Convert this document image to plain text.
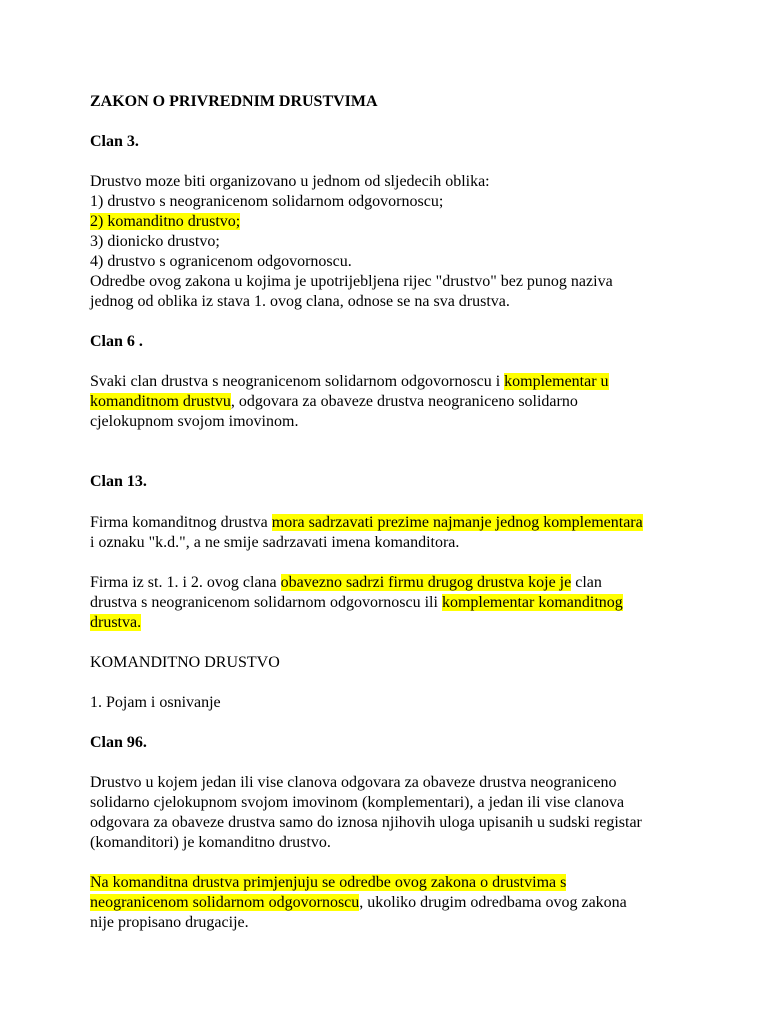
ZAKON O PRIVREDNIM DRUSTVIMA
Clan 3.
Drustvo moze biti organizovano u jednom od sljedecih oblika:
1) drustvo s neogranicenom solidarnom odgovornoscu;
2) komanditno drustvo;
3) dionicko drustvo;
4) drustvo s ogranicenom odgovornoscu.
Odredbe ovog zakona u kojima je upotrijebljena rijec "drustvo" bez punog naziva
jednog od oblika iz stava 1. ovog clana, odnose se na sva drustva.
Clan 6 .
Svaki clan drustva s neogranicenom solidarnom odgovornoscu i komplementar u
komanditnom drustvu, odgovara za obaveze drustva neograniceno solidarno
cjelokupnom svojom imovinom.
Clan 13.
Firma komanditnog drustva mora sadrzavati prezime najmanje jednog komplementara
i oznaku "k.d.", a ne smije sadrzavati imena komanditora.
Firma iz st. 1. i 2. ovog clana obavezno sadrzi firmu drugog drustva koje je clan
drustva s neogranicenom solidarnom odgovornoscu ili komplementar komanditnog
drustva.
KOMANDITNO DRUSTVO
1. Pojam i osnivanje
Clan 96.
Drustvo u kojem jedan ili vise clanova odgovara za obaveze drustva neograniceno
solidarno cjelokupnom svojom imovinom (komplementari), a jedan ili vise clanova
odgovara za obaveze drustva samo do iznosa njihovih uloga upisanih u sudski registar
(komanditori) je komanditno drustvo.
Na komanditna drustva primjenjuju se odredbe ovog zakona o drustvima s
neogranicenom solidarnom odgovornoscu, ukoliko drugim odredbama ovog zakona
nije propisano drugacije.
